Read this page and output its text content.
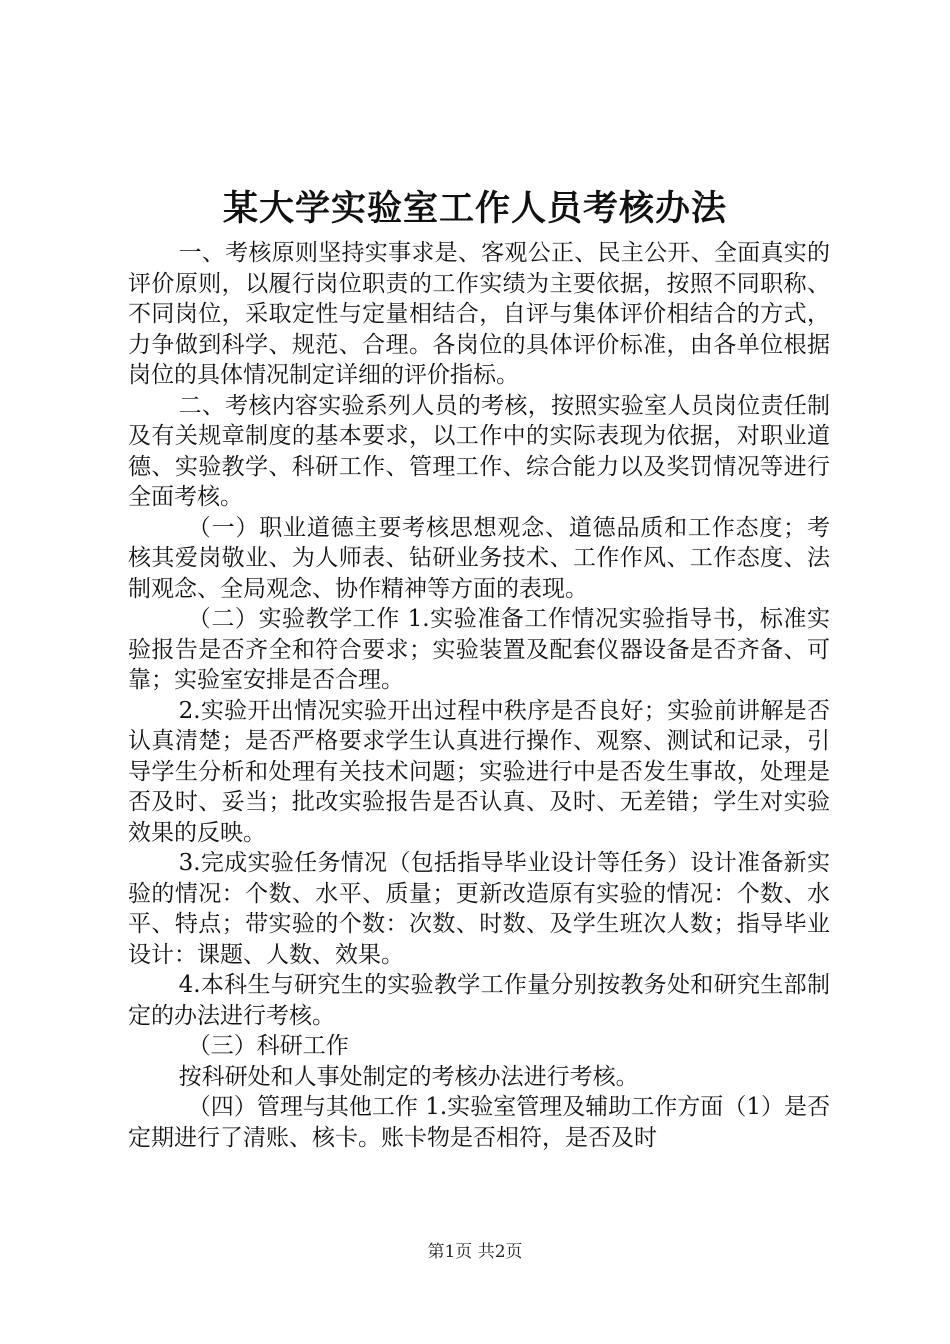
某大学实验室工作人员考核办法

一、考核原则坚持实事求是、客观公正、民主公开、全面真实的评价原则，以履行岗位职责的工作实绩为主要依据，按照不同职称、不同岗位，采取定性与定量相结合，自评与集体评价相结合的方式，力争做到科学、规范、合理。各岗位的具体评价标准，由各单位根据岗位的具体情况制定详细的评价指标。

二、考核内容实验系列人员的考核，按照实验室人员岗位责任制及有关规章制度的基本要求，以工作中的实际表现为依据，对职业道德、实验教学、科研工作、管理工作、综合能力以及奖罚情况等进行全面考核。

（一）职业道德主要考核思想观念、道德品质和工作态度；考核其爱岗敬业、为人师表、钻研业务技术、工作作风、工作态度、法制观念、全局观念、协作精神等方面的表现。

（二）实验教学工作 1.实验准备工作情况实验指导书，标准实验报告是否齐全和符合要求；实验装置及配套仪器设备是否齐备、可靠；实验室安排是否合理。

2.实验开出情况实验开出过程中秩序是否良好；实验前讲解是否认真清楚；是否严格要求学生认真进行操作、观察、测试和记录，引导学生分析和处理有关技术问题；实验进行中是否发生事故，处理是否及时、妥当；批改实验报告是否认真、及时、无差错；学生对实验效果的反映。

3.完成实验任务情况（包括指导毕业设计等任务）设计准备新实验的情况：个数、水平、质量；更新改造原有实验的情况：个数、水平、特点；带实验的个数：次数、时数、及学生班次人数；指导毕业设计：课题、人数、效果。

4.本科生与研究生的实验教学工作量分别按教务处和研究生部制定的办法进行考核。

（三）科研工作

按科研处和人事处制定的考核办法进行考核。

（四）管理与其他工作 1.实验室管理及辅助工作方面（1）是否定期进行了清账、核卡。账卡物是否相符，是否及时

第1页 共2页
